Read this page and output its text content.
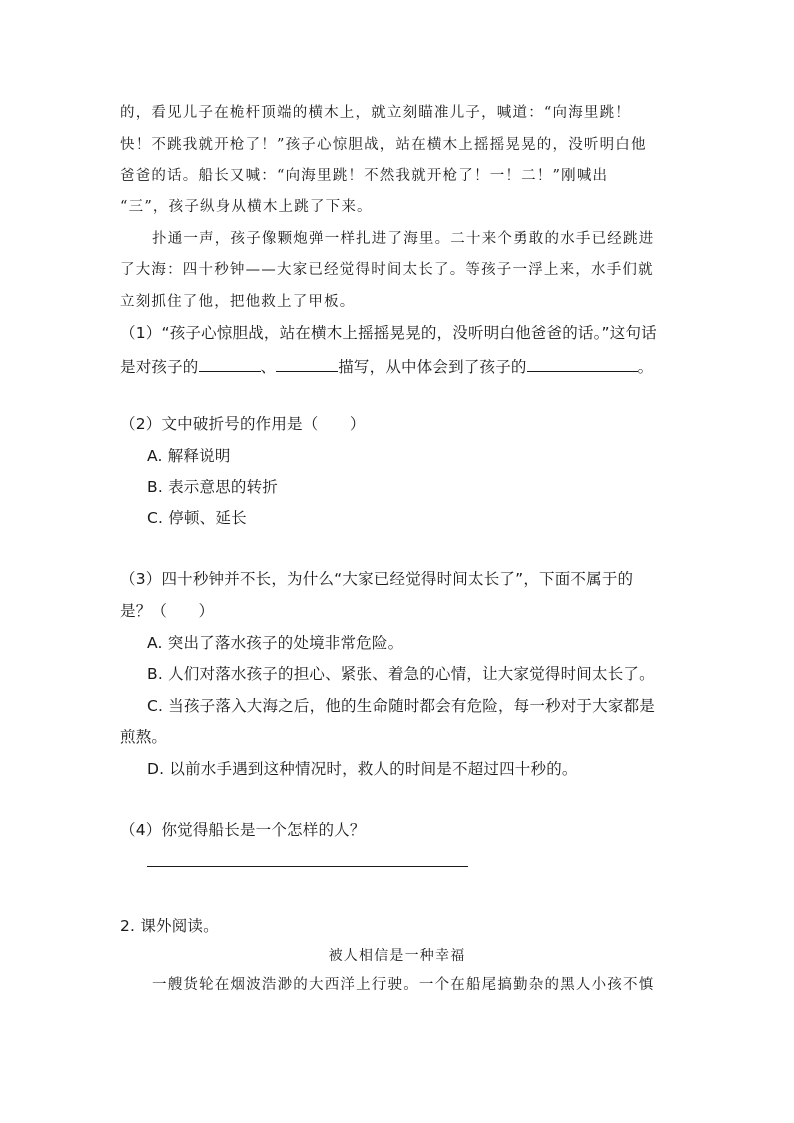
的，看见儿子在桅杆顶端的横木上，就立刻瞄准儿子，喊道：“向海里跳！
快！不跳我就开枪了！”孩子心惊胆战，站在横木上摇摇晃晃的，没听明白他
爸爸的话。船长又喊：“向海里跳！不然我就开枪了！一！二！”刚喊出
“三”，孩子纵身从横木上跳了下来。
扑通一声，孩子像颗炮弹一样扎进了海里。二十来个勇敢的水手已经跳进
了大海：四十秒钟——大家已经觉得时间太长了。等孩子一浮上来，水手们就
立刻抓住了他，把他救上了甲板。
（1）“孩子心惊胆战，站在横木上摇摇晃晃的，没听明白他爸爸的话。”这句话
是对孩子的	、	描写，从中体会到了孩子的	。
（2）文中破折号的作用是（　　）
A. 解释说明
B. 表示意思的转折
C. 停顿、延长
（3）四十秒钟并不长，为什么“大家已经觉得时间太长了”，下面不属于的
是？（　　）
A. 突出了落水孩子的处境非常危险。
B. 人们对落水孩子的担心、紧张、着急的心情，让大家觉得时间太长了。
C. 当孩子落入大海之后，他的生命随时都会有危险，每一秒对于大家都是
煎熬。
D. 以前水手遇到这种情况时，救人的时间是不超过四十秒的。
（4）你觉得船长是一个怎样的人？
2. 课外阅读。
被人相信是一种幸福
一艘货轮在烟波浩渺的大西洋上行驶。一个在船尾搞勤杂的黑人小孩不慎
